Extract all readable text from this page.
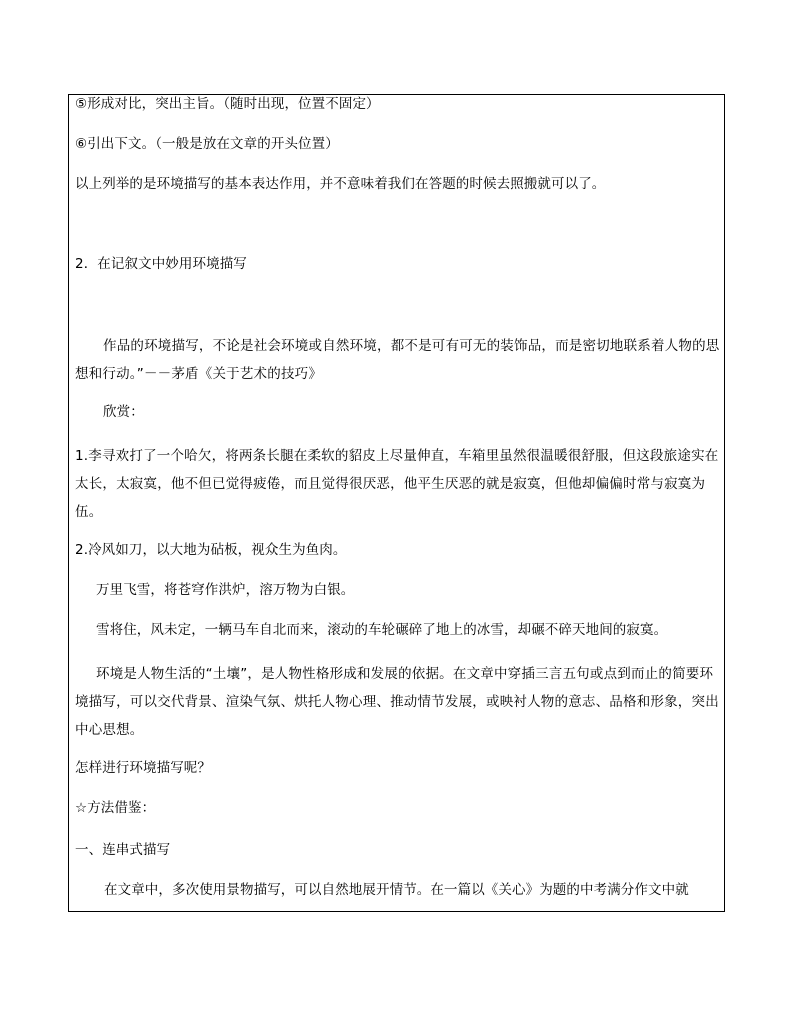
⑤形成对比，突出主旨。（随时出现，位置不固定）
⑥引出下文。（一般是放在文章的开头位置）
以上列举的是环境描写的基本表达作用，并不意味着我们在答题的时候去照搬就可以了。
2．在记叙文中妙用环境描写
作品的环境描写，不论是社会环境或自然环境，都不是可有可无的装饰品，而是密切地联系着人物的思想和行动。”－－茅盾《关于艺术的技巧》
欣赏：
1.李寻欢打了一个哈欠，将两条长腿在柔软的貂皮上尽量伸直，车箱里虽然很温暖很舒服，但这段旅途实在太长，太寂寞，他不但已觉得疲倦，而且觉得很厌恶，他平生厌恶的就是寂寞，但他却偏偏时常与寂寞为伍。
2.冷风如刀，以大地为砧板，视众生为鱼肉。
万里飞雪，将苍穹作洪炉，溶万物为白银。
雪将住，风未定，一辆马车自北而来，滚动的车轮碾碎了地上的冰雪，却碾不碎天地间的寂寞。
环境是人物生活的“土壤”，是人物性格形成和发展的依据。在文章中穿插三言五句或点到而止的简要环境描写，可以交代背景、渲染气氛、烘托人物心理、推动情节发展，或映衬人物的意志、品格和形象，突出中心思想。
怎样进行环境描写呢？
☆方法借鉴：
一、连串式描写
在文章中，多次使用景物描写，可以自然地展开情节。在一篇以《关心》为题的中考满分作文中就
